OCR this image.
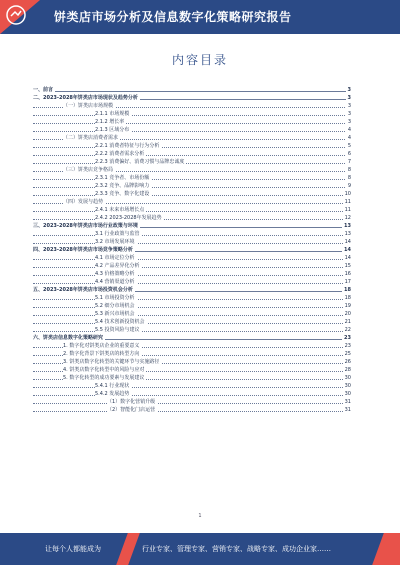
饼类店市场分析及信息数字化策略研究报告
内容目录
一、前言	3
二、2023-2028年饼类店市场现状及趋势分析	3
（一）饼类店市场规模	3
2.1.1 市场规模	3
2.1.2 增长率	3
2.1.3 区域分布	4
（二）饼类店消费者需求	4
2.2.1 消费者特征与行为分析	5
2.2.2 消费者需求分析	6
2.2.3 消费偏好、消费习惯与品牌忠诚度	7
（三）饼类店竞争格局	8
2.3.1 竞争者、市场份额	8
2.3.2 竞争、品牌影响力	9
2.3.3 竞争、数字化建设	10
（四）发展与趋势	11
2.4.1 未来市场增长点	11
2.4.2 2023-2028年发展趋势	12
三、2023-2028年饼类店市场行业政策与环境	13
3.1 行业政策与监管	13
3.2 市场发展环境	14
四、2023-2028年饼类店市场竞争策略分析	14
4.1 市场定位分析	14
4.2 产品差异化分析	15
4.3 价格策略分析	16
4.4 营销渠道分析	17
五、2023-2028年饼类店市场投资机会分析	18
5.1 市场投资分析	18
5.2 细分市场机会	19
5.3 新兴市场机会	20
5.4 技术创新投资机会	21
5.5 投资风险与建议	22
六、饼类店信息数字化策略研究	23
1. 数字化对饼类店企业的重要意义	23
2. 数字化背景下饼类店的转型方向	25
3. 饼类店数字化转型的关键环节与实施路径	26
4. 饼类店数字化转型中的风险与应对	28
5. 数字化转型的成功要素与发展建议	30
5.4.1 行业现状	30
5.4.2 发展趋势	30
（1）数字化营销升级	31
（2）智能化门店运营	31
1
让每个人都能成为	行业专家、管理专家、营销专家、战略专家、成功企业家……
